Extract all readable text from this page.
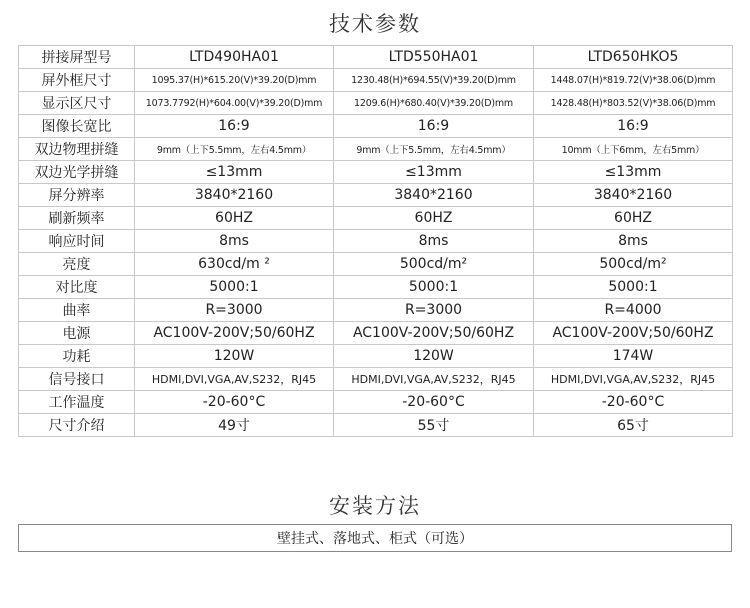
技术参数
拼接屏型号	LTD490HA01	LTD550HA01	LTD650HKO5
屏外框尺寸	1095.37(H)*615.20(V)*39.20(D)mm	1230.48(H)*694.55(V)*39.20(D)mm	1448.07(H)*819.72(V)*38.06(D)mm
显示区尺寸	1073.7792(H)*604.00(V)*39.20(D)mm	1209.6(H)*680.40(V)*39.20(D)mm	1428.48(H)*803.52(V)*38.06(D)mm
图像长宽比	16:9	16:9	16:9
双边物理拼缝	9mm（上下5.5mm，左右4.5mm）	9mm（上下5.5mm，左右4.5mm）	10mm（上下6mm，左右5mm）
双边光学拼缝	≤13mm	≤13mm	≤13mm
屏分辨率	3840*2160	3840*2160	3840*2160
刷新频率	60HZ	60HZ	60HZ
响应时间	8ms	8ms	8ms
亮度	630cd/m ²	500cd/m²	500cd/m²
对比度	5000:1	5000:1	5000:1
曲率	R=3000	R=3000	R=4000
电源	AC100V-200V;50/60HZ	AC100V-200V;50/60HZ	AC100V-200V;50/60HZ
功耗	120W	120W	174W
信号接口	HDMI,DVI,VGA,AV,S232，RJ45	HDMI,DVI,VGA,AV,S232，RJ45	HDMI,DVI,VGA,AV,S232，RJ45
工作温度	-20-60°C	-20-60°C	-20-60°C
尺寸介绍	49寸	55寸	65寸
安装方法
壁挂式、落地式、柜式（可选）
